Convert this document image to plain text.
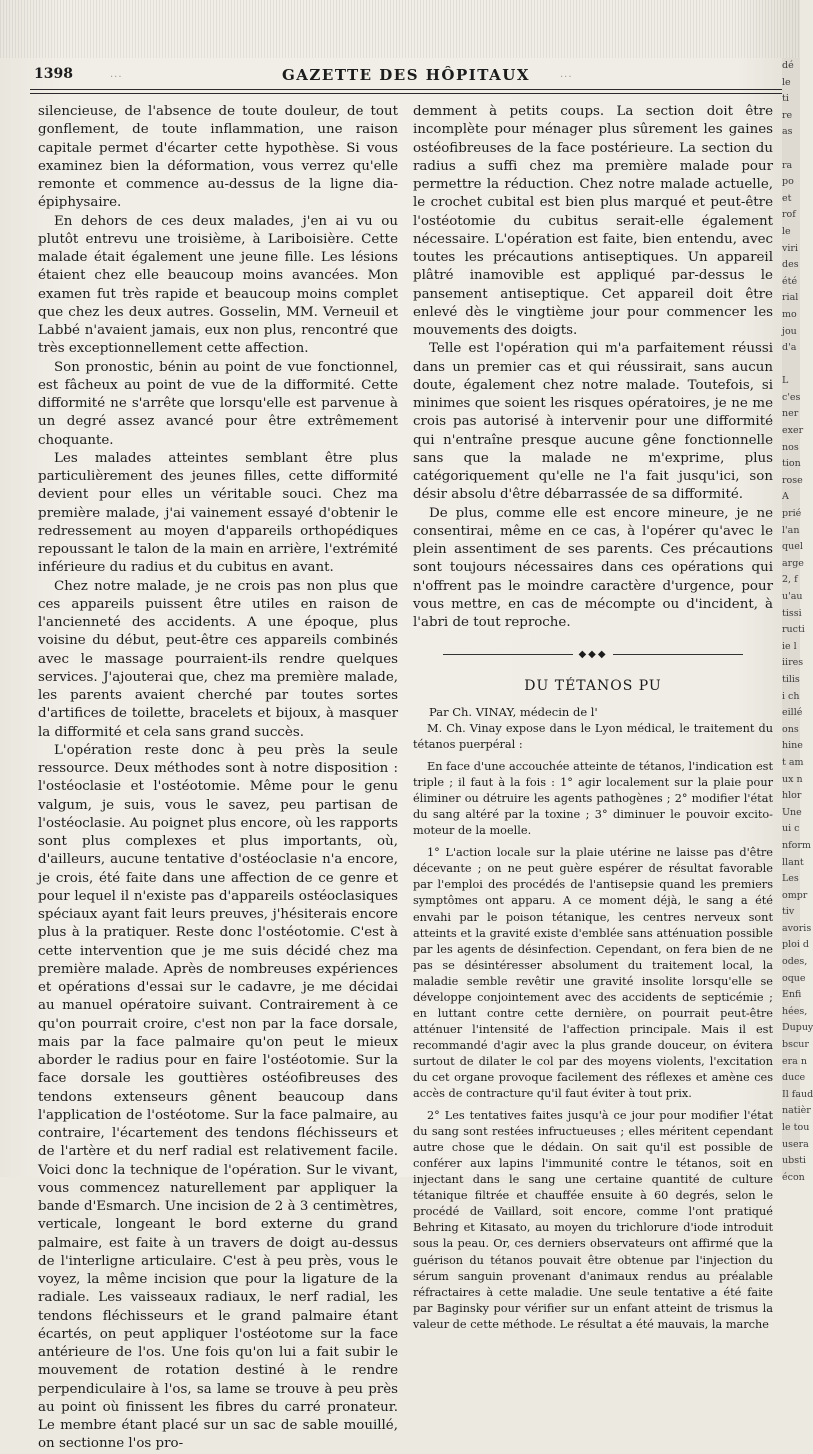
1398	...	GAZETTE DES HÔPITAUX	...

silencieuse, de l'absence de toute douleur, de tout gonflement, de toute inflammation, une raison capitale permet d'écarter cette hypothèse. Si vous examinez bien la déformation, vous verrez qu'elle remonte et commence au-dessus de la ligne dia-épiphysaire.

En dehors de ces deux malades, j'en ai vu ou plutôt entrevu une troisième, à Lariboisière. Cette malade était également une jeune fille. Les lésions étaient chez elle beaucoup moins avancées. Mon examen fut très rapide et beaucoup moins complet que chez les deux autres. Gosselin, MM. Verneuil et Labbé n'avaient jamais, eux non plus, rencontré que très exceptionnellement cette affection.

Son pronostic, bénin au point de vue fonctionnel, est fâcheux au point de vue de la difformité. Cette difformité ne s'arrête que lorsqu'elle est parvenue à un degré assez avancé pour être extrêmement choquante.

Les malades atteintes semblant être plus particulièrement des jeunes filles, cette difformité devient pour elles un véritable souci. Chez ma première malade, j'ai vainement essayé d'obtenir le redressement au moyen d'appareils orthopédiques repoussant le talon de la main en arrière, l'extrémité inférieure du radius et du cubitus en avant.

Chez notre malade, je ne crois pas non plus que ces appareils puissent être utiles en raison de l'ancienneté des accidents. A une époque, plus voisine du début, peut-être ces appareils combinés avec le massage pourraient-ils rendre quelques services. J'ajouterai que, chez ma première malade, les parents avaient cherché par toutes sortes d'artifices de toilette, bracelets et bijoux, à masquer la difformité et cela sans grand succès.

L'opération reste donc à peu près la seule ressource. Deux méthodes sont à notre disposition : l'ostéoclasie et l'ostéotomie. Même pour le genu valgum, je suis, vous le savez, peu partisan de l'ostéoclasie. Au poignet plus encore, où les rapports sont plus complexes et plus importants, où, d'ailleurs, aucune tentative d'ostéoclasie n'a encore, je crois, été faite dans une affection de ce genre et pour lequel il n'existe pas d'appareils ostéoclasiques spéciaux ayant fait leurs preuves, j'hésiterais encore plus à la pratiquer. Reste donc l'ostéotomie. C'est à cette intervention que je me suis décidé chez ma première malade. Après de nombreuses expériences et opérations d'essai sur le cadavre, je me décidai au manuel opératoire suivant. Contrairement à ce qu'on pourrait croire, c'est non par la face dorsale, mais par la face palmaire qu'on peut le mieux aborder le radius pour en faire l'ostéotomie. Sur la face dorsale les gouttières ostéofibreuses des tendons extenseurs gênent beaucoup dans l'application de l'ostéotome. Sur la face palmaire, au contraire, l'écartement des tendons fléchisseurs et de l'artère et du nerf radial est relativement facile. Voici donc la technique de l'opération. Sur le vivant, vous commencez naturellement par appliquer la bande d'Esmarch. Une incision de 2 à 3 centimètres, verticale, longeant le bord externe du grand palmaire, est faite à un travers de doigt au-dessus de l'interligne articulaire. C'est à peu près, vous le voyez, la même incision que pour la ligature de la radiale. Les vaisseaux radiaux, le nerf radial, les tendons fléchisseurs et le grand palmaire étant écartés, on peut appliquer l'ostéotome sur la face antérieure de l'os. Une fois qu'on lui a fait subir le mouvement de rotation destiné à le rendre perpendiculaire à l'os, sa lame se trouve à peu près au point où finissent les fibres du carré pronateur. Le membre étant placé sur un sac de sable mouillé, on sectionne l'os pro-

demment à petits coups. La section doit être incomplète pour ménager plus sûrement les gaines ostéofibreuses de la face postérieure. La section du radius a suffi chez ma première malade pour permettre la réduction. Chez notre malade actuelle, le crochet cubital est bien plus marqué et peut-être l'ostéotomie du cubitus serait-elle également nécessaire. L'opération est faite, bien entendu, avec toutes les précautions antiseptiques. Un appareil plâtré inamovible est appliqué par-dessus le pansement antiseptique. Cet appareil doit être enlevé dès le vingtième jour pour commencer les mouvements des doigts.

Telle est l'opération qui m'a parfaitement réussi dans un premier cas et qui réussirait, sans aucun doute, également chez notre malade. Toutefois, si minimes que soient les risques opératoires, je ne me crois pas autorisé à intervenir pour une difformité qui n'entraîne presque aucune gêne fonctionnelle sans que la malade ne m'exprime, plus catégoriquement qu'elle ne l'a fait jusqu'ici, son désir absolu d'être débarrassée de sa difformité.

De plus, comme elle est encore mineure, je ne consentirai, même en ce cas, à l'opérer qu'avec le plein assentiment de ses parents. Ces précautions sont toujours nécessaires dans ces opérations qui n'offrent pas le moindre caractère d'urgence, pour vous mettre, en cas de mécompte ou d'incident, à l'abri de tout reproche.

◆◆◆
DU TÉTANOS PU

Par Ch. VINAY, médecin de l'

M. Ch. Vinay expose dans le Lyon médical, le traitement du tétanos puerpéral :

En face d'une accouchée atteinte de tétanos, l'indication est triple ; il faut à la fois : 1° agir localement sur la plaie pour éliminer ou détruire les agents pathogènes ; 2° modifier l'état du sang altéré par la toxine ; 3° diminuer le pouvoir excito-moteur de la moelle.

1° L'action locale sur la plaie utérine ne laisse pas d'être décevante ; on ne peut guère espérer de résultat favorable par l'emploi des procédés de l'antisepsie quand les premiers symptômes ont apparu. A ce moment déjà, le sang a été envahi par le poison tétanique, les centres nerveux sont atteints et la gravité existe d'emblée sans atténuation possible par les agents de désinfection. Cependant, on fera bien de ne pas se désintéresser absolument du traitement local, la maladie semble revêtir une gravité insolite lorsqu'elle se développe conjointement avec des accidents de septicémie ; en luttant contre cette dernière, on pourrait peut-être atténuer l'intensité de l'affection principale. Mais il est recommandé d'agir avec la plus grande douceur, on évitera surtout de dilater le col par des moyens violents, l'excitation du cet organe provoque facilement des réflexes et amène ces accès de contracture qu'il faut éviter à tout prix.

2° Les tentatives faites jusqu'à ce jour pour modifier l'état du sang sont restées infructueuses ; elles méritent cependant autre chose que le dédain. On sait qu'il est possible de conférer aux lapins l'immunité contre le tétanos, soit en injectant dans le sang une certaine quantité de culture tétanique filtrée et chauffée ensuite à 60 degrés, selon le procédé de Vaillard, soit encore, comme l'ont pratiqué Behring et Kitasato, au moyen du trichlorure d'iode introduit sous la peau. Or, ces derniers observateurs ont affirmé que la guérison du tétanos pouvait être obtenue par l'injection du sérum sanguin provenant d'animaux rendus au préalable réfractaires à cette maladie. Une seule tentative a été faite par Baginsky pour vérifier sur un enfant atteint de trismus la valeur de cette méthode. Le résultat a été mauvais, la marche

dé
le
ti
re
as

ra
po
et
rof
le
viri
des
été
rial
mo
jou
d'a

L
c'es
ner
exer
nos
tion
rose
A
prié
l'an
quel
arge
2, f
u'au
tissi
ructi
ie l
iires
tilis
i ch
eillé
ons
hine
t am
ux n
hlor
Une
ui c
nform
llant
Les
ompr
tiv
avoris
ploi d
odes,
oque
Enfi
hées,
Dupuy
bscur
era n
duce
Il faud
natièr
le tou
usera
ubsti
écon
